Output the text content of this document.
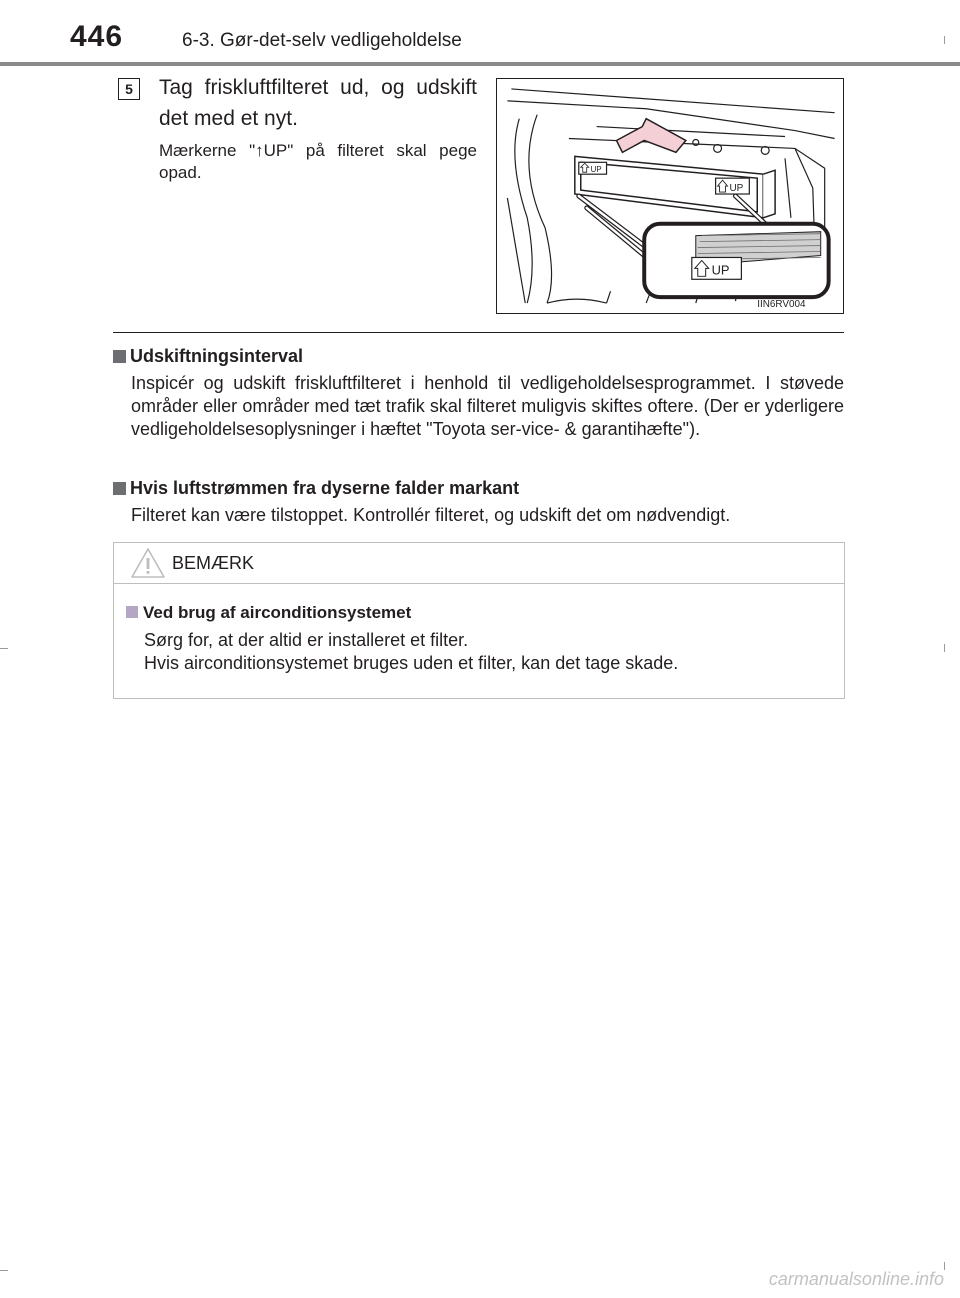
446	6-3. Gør-det-selv vedligeholdelse
5	Tag friskluftfilteret ud, og udskift det med et nyt.
Mærkerne "↑UP" på filteret skal pege opad.	UP
UP
UP
IIN6RV004
Udskiftningsinterval
Inspicér og udskift friskluftfilteret i henhold til vedligeholdelsesprogrammet. I støvede områder eller områder med tæt trafik skal filteret muligvis skiftes oftere. (Der er yderligere vedligeholdelsesoplysninger i hæftet "Toyota ser-vice- & garantihæfte").
Hvis luftstrømmen fra dyserne falder markant
Filteret kan være tilstoppet. Kontrollér filteret, og udskift det om nødvendigt.
BEMÆRK
Ved brug af airconditionsystemet
Sørg for, at der altid er installeret et filter.
Hvis airconditionsystemet bruges uden et filter, kan det tage skade.
carmanualsonline.info
